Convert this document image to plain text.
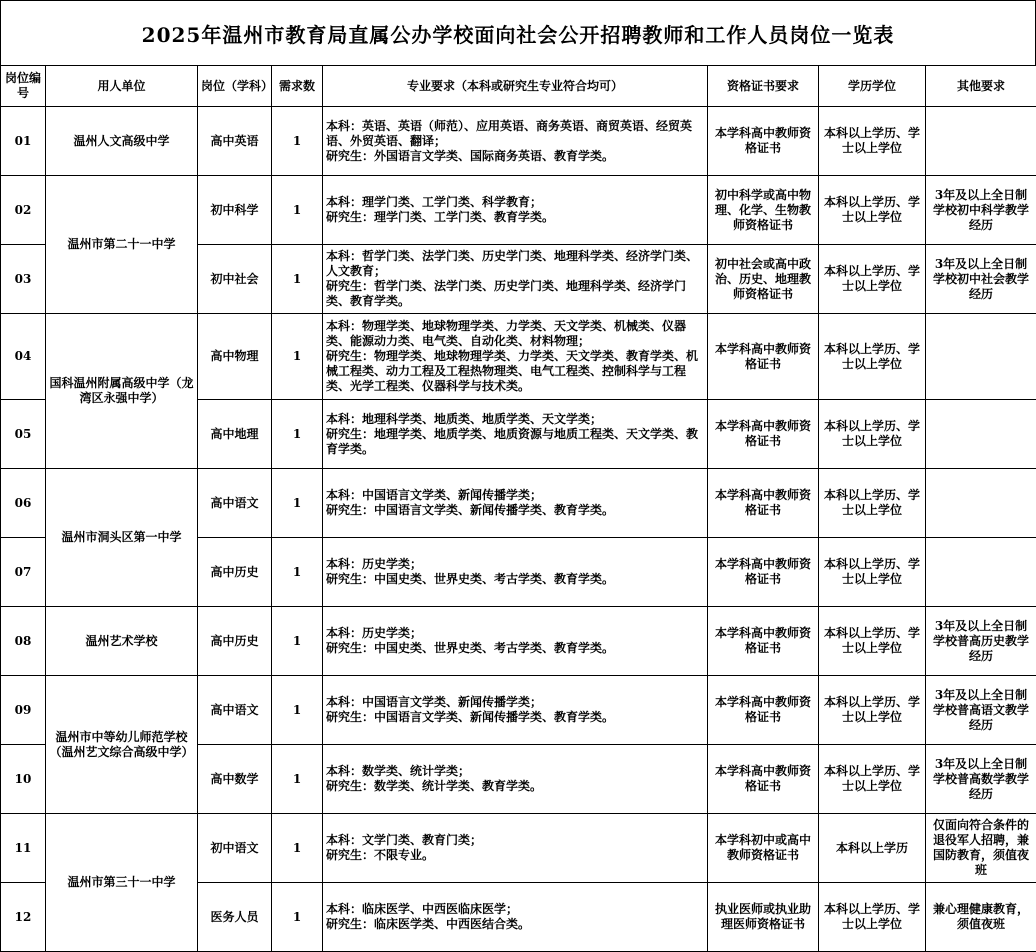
2025年温州市教育局直属公办学校面向社会公开招聘教师和工作人员岗位一览表
岗位编号	用人单位	岗位（学科）	需求数	专业要求（本科或研究生专业符合均可）	资格证书要求	学历学位	其他要求
01	温州人文高级中学	高中英语	1	本科：英语、英语（师范）、应用英语、商务英语、商贸英语、经贸英语、外贸英语、翻译；
研究生：外国语言文学类、国际商务英语、教育学类。	本学科高中教师资格证书	本科以上学历、学士以上学位	
02	温州市第二十一中学	初中科学	1	本科：理学门类、工学门类、科学教育；
研究生：理学门类、工学门类、教育学类。	初中科学或高中物理、化学、生物教师资格证书	本科以上学历、学士以上学位	3年及以上全日制学校初中科学教学经历
03		初中社会	1	本科：哲学门类、法学门类、历史学门类、地理科学类、经济学门类、人文教育；
研究生：哲学门类、法学门类、历史学门类、地理科学类、经济学门类、教育学类。	初中社会或高中政治、历史、地理教师资格证书	本科以上学历、学士以上学位	3年及以上全日制学校初中社会教学经历
04	国科温州附属高级中学（龙湾区永强中学）	高中物理	1	本科：物理学类、地球物理学类、力学类、天文学类、机械类、仪器类、能源动力类、电气类、自动化类、材料物理；
研究生：物理学类、地球物理学类、力学类、天文学类、教育学类、机械工程类、动力工程及工程热物理类、电气工程类、控制科学与工程类、光学工程类、仪器科学与技术类。	本学科高中教师资格证书	本科以上学历、学士以上学位	
05		高中地理	1	本科：地理科学类、地质类、地质学类、天文学类；
研究生：地理学类、地质学类、地质资源与地质工程类、天文学类、教育学类。	本学科高中教师资格证书	本科以上学历、学士以上学位	
06	温州市洞头区第一中学	高中语文	1	本科：中国语言文学类、新闻传播学类；
研究生：中国语言文学类、新闻传播学类、教育学类。	本学科高中教师资格证书	本科以上学历、学士以上学位	
07		高中历史	1	本科：历史学类；
研究生：中国史类、世界史类、考古学类、教育学类。	本学科高中教师资格证书	本科以上学历、学士以上学位	
08	温州艺术学校	高中历史	1	本科：历史学类；
研究生：中国史类、世界史类、考古学类、教育学类。	本学科高中教师资格证书	本科以上学历、学士以上学位	3年及以上全日制学校普高历史教学经历
09	温州市中等幼儿师范学校（温州艺文综合高级中学）	高中语文	1	本科：中国语言文学类、新闻传播学类；
研究生：中国语言文学类、新闻传播学类、教育学类。	本学科高中教师资格证书	本科以上学历、学士以上学位	3年及以上全日制学校普高语文教学经历
10		高中数学	1	本科：数学类、统计学类；
研究生：数学类、统计学类、教育学类。	本学科高中教师资格证书	本科以上学历、学士以上学位	3年及以上全日制学校普高数学教学经历
11	温州市第三十一中学	初中语文	1	本科：文学门类、教育门类；
研究生：不限专业。	本学科初中或高中教师资格证书	本科以上学历	仅面向符合条件的退役军人招聘，兼国防教育，须值夜班
12		医务人员	1	本科：临床医学、中西医临床医学；
研究生：临床医学类、中西医结合类。	执业医师或执业助理医师资格证书	本科以上学历、学士以上学位	兼心理健康教育，须值夜班
